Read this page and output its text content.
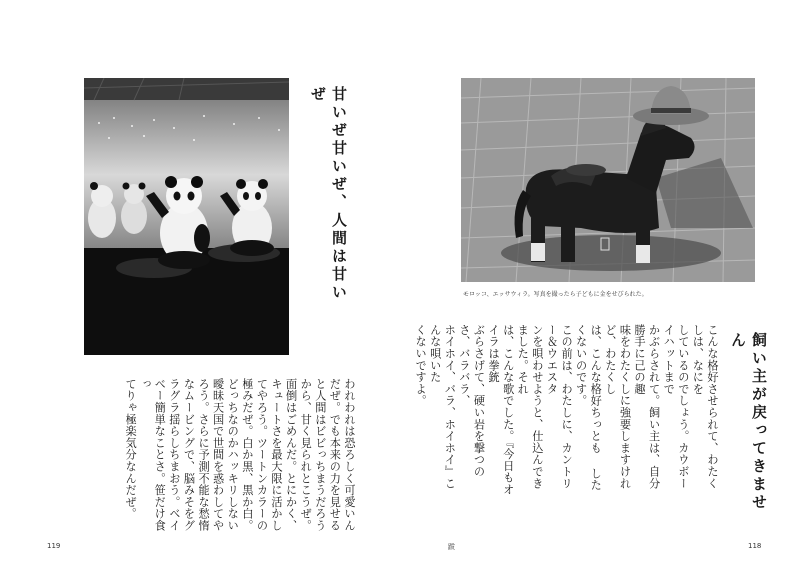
甘いぜ甘いぜ、人間は甘いぜ
われわれは恐ろしく可愛いん
だぜ。でも本来の力を見せる
と人間はビビっちまうだろう
から、甘く見られとこうぜ。
面倒はごめんだ。とにかく、
キュートさを最大限に活かし
てやろう。ツートンカラーの
極みだぜ。白か黒、黒か白。
どっちなのかハッキリしない
曖昧天国で世間を惑わしてや
ろう。さらに予測不能な愁惰
なムービングで、脳みそをグ
ラグラ揺らしちまおう。ベイ
ベー簡単なことさ。笹だけ食っ
てりゃ極楽気分なんだぜ。
119
モロッコ、エッサウィラ。写真を撮ったら子どもに金をせびられた。
飼い主が戻ってきません
こんな格好させられて、わたくしは、なにを
しているのでしょう。カウボーイハットまで
かぶらされて。飼い主は、自分勝手に己の趣
味をわたくしに強要しますけれど、わたくし
は、こんな格好ちっとも したくないのです。
この前は、わたしに、カントリー＆ウエスタ
ンを唄わせようと、仕込んできました。それ
は、こんな歌でした。『今日もオイラは拳銃
ぶらさげて、硬い岩を撃つのさ、バラバラ、
ホイホイ、バラ、ホイホイ』こんな唄いた
くないですよ。
跋	118
